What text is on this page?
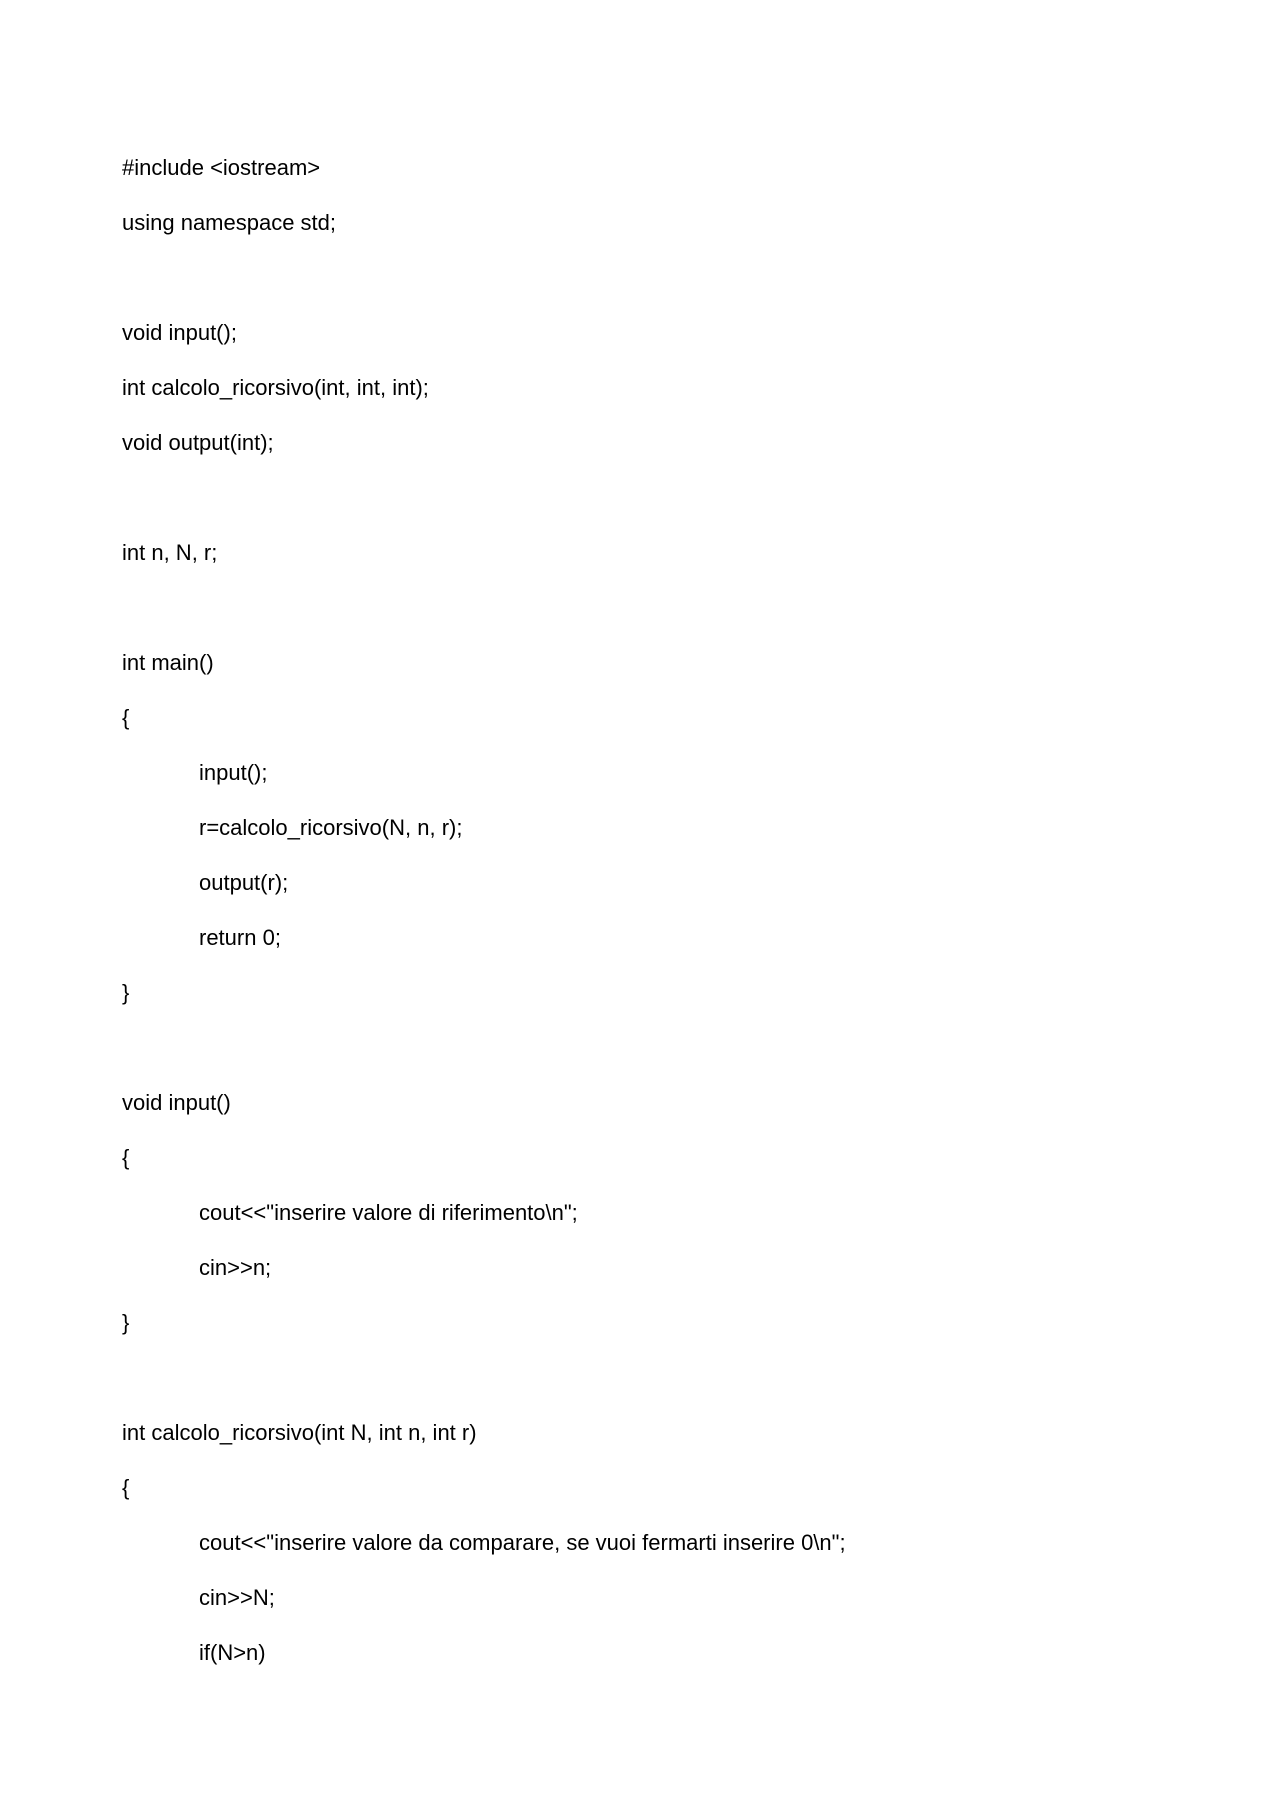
#include <iostream>
using namespace std;
void input();
int calcolo_ricorsivo(int, int, int);
void output(int);
int n, N, r;
int main()
{
input();
r=calcolo_ricorsivo(N, n, r);
output(r);
return 0;
}
void input()
{
cout<<"inserire valore di riferimento\n";
cin>>n;
}
int calcolo_ricorsivo(int N, int n, int r)
{
cout<<"inserire valore da comparare, se vuoi fermarti inserire 0\n";
cin>>N;
if(N>n)
